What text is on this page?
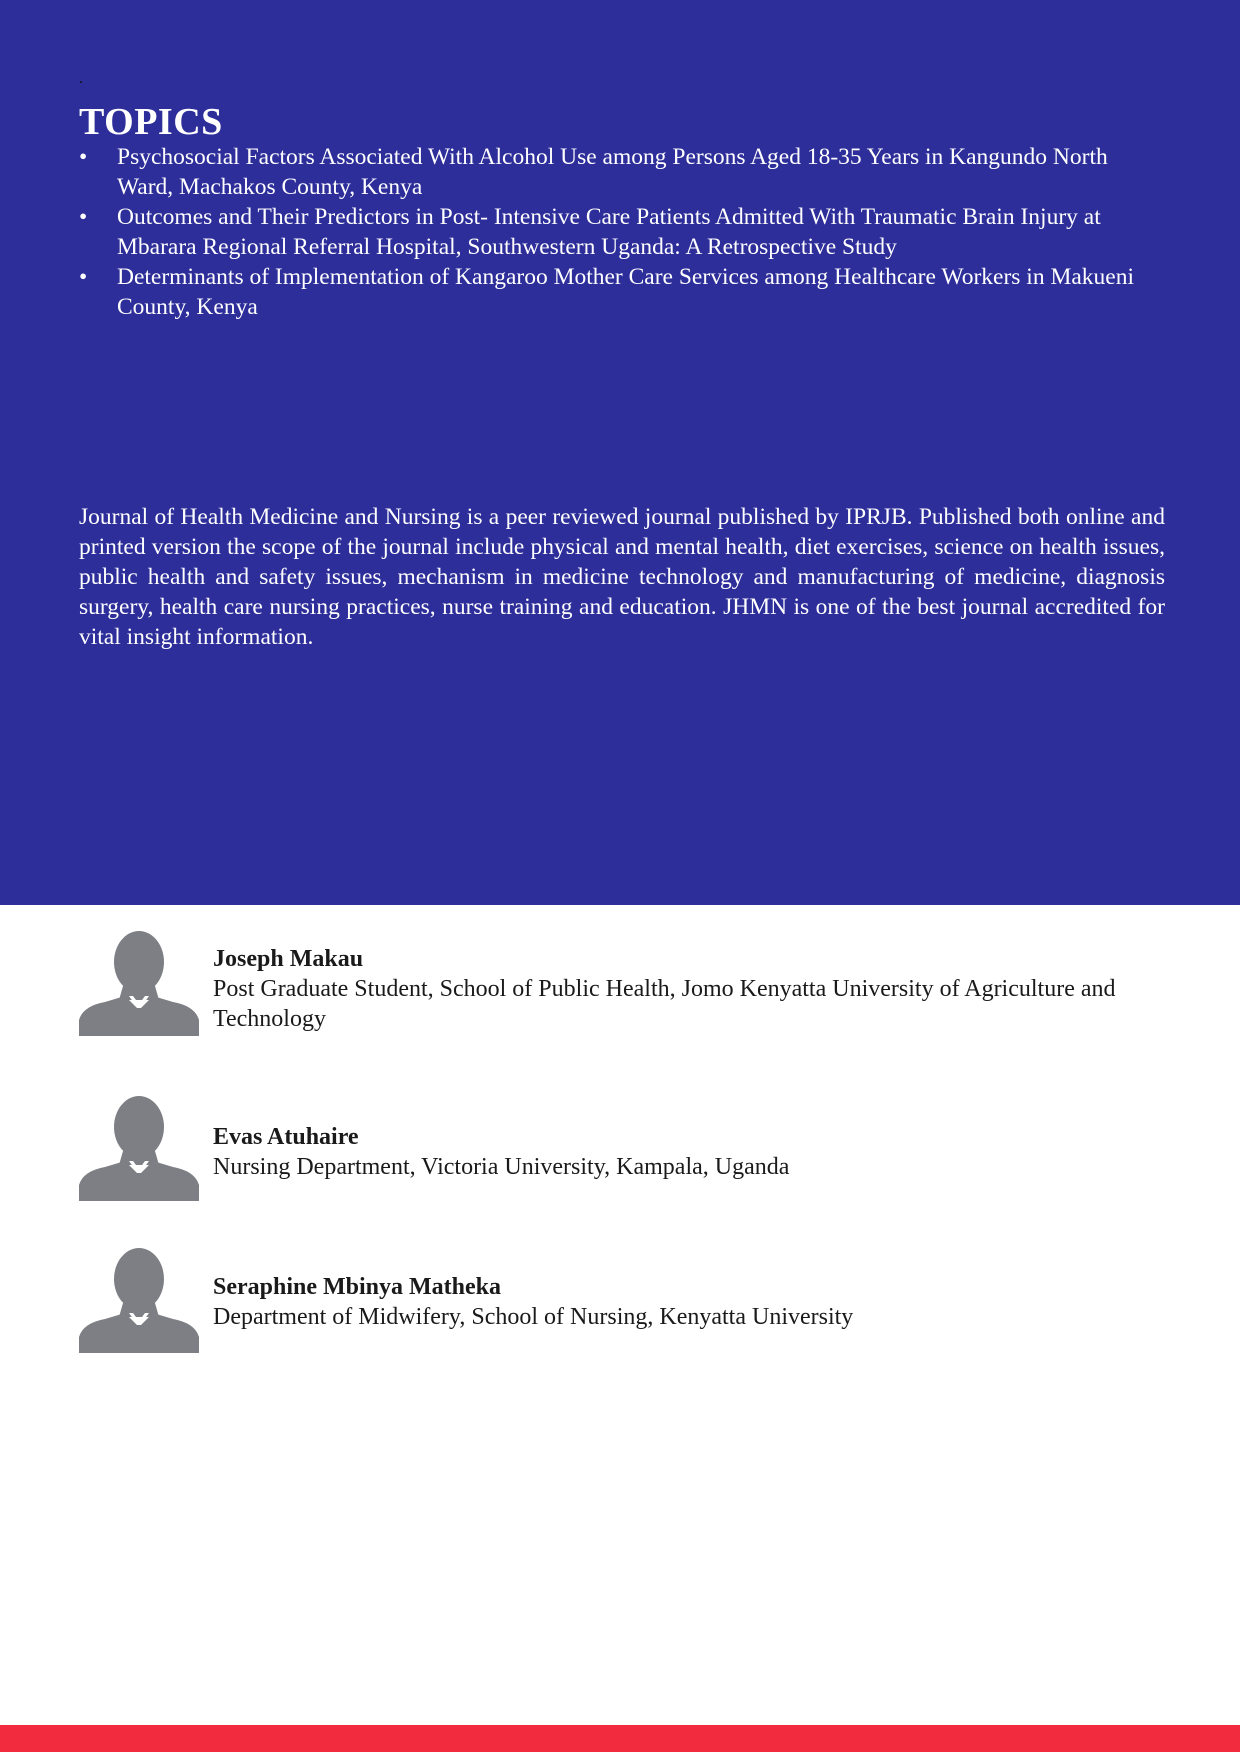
.
TOPICS
• Psychosocial Factors Associated With Alcohol Use among Persons Aged 18-35 Years in Kangundo North Ward, Machakos County, Kenya
• Outcomes and Their Predictors in Post- Intensive Care Patients Admitted With Traumatic Brain Injury at Mbarara Regional Referral Hospital, Southwestern Uganda: A Retrospective Study
• Determinants of Implementation of Kangaroo Mother Care Services among Healthcare Workers in Makueni County, Kenya

Journal of Health Medicine and Nursing is a peer reviewed journal published by IPRJB. Published both online and printed version the scope of the journal include physical and mental health, diet exercises, science on health issues, public health and safety issues, mechanism in medicine technology and manufacturing of medicine, diagnosis surgery, health care nursing practices, nurse training and education. JHMN is one of the best journal accredited for vital insight information.

Joseph Makau
Post Graduate Student, School of Public Health, Jomo Kenyatta University of Agriculture and Technology
Evas Atuhaire
Nursing Department, Victoria University, Kampala, Uganda
Seraphine Mbinya Matheka
Department of Midwifery, School of Nursing, Kenyatta University
